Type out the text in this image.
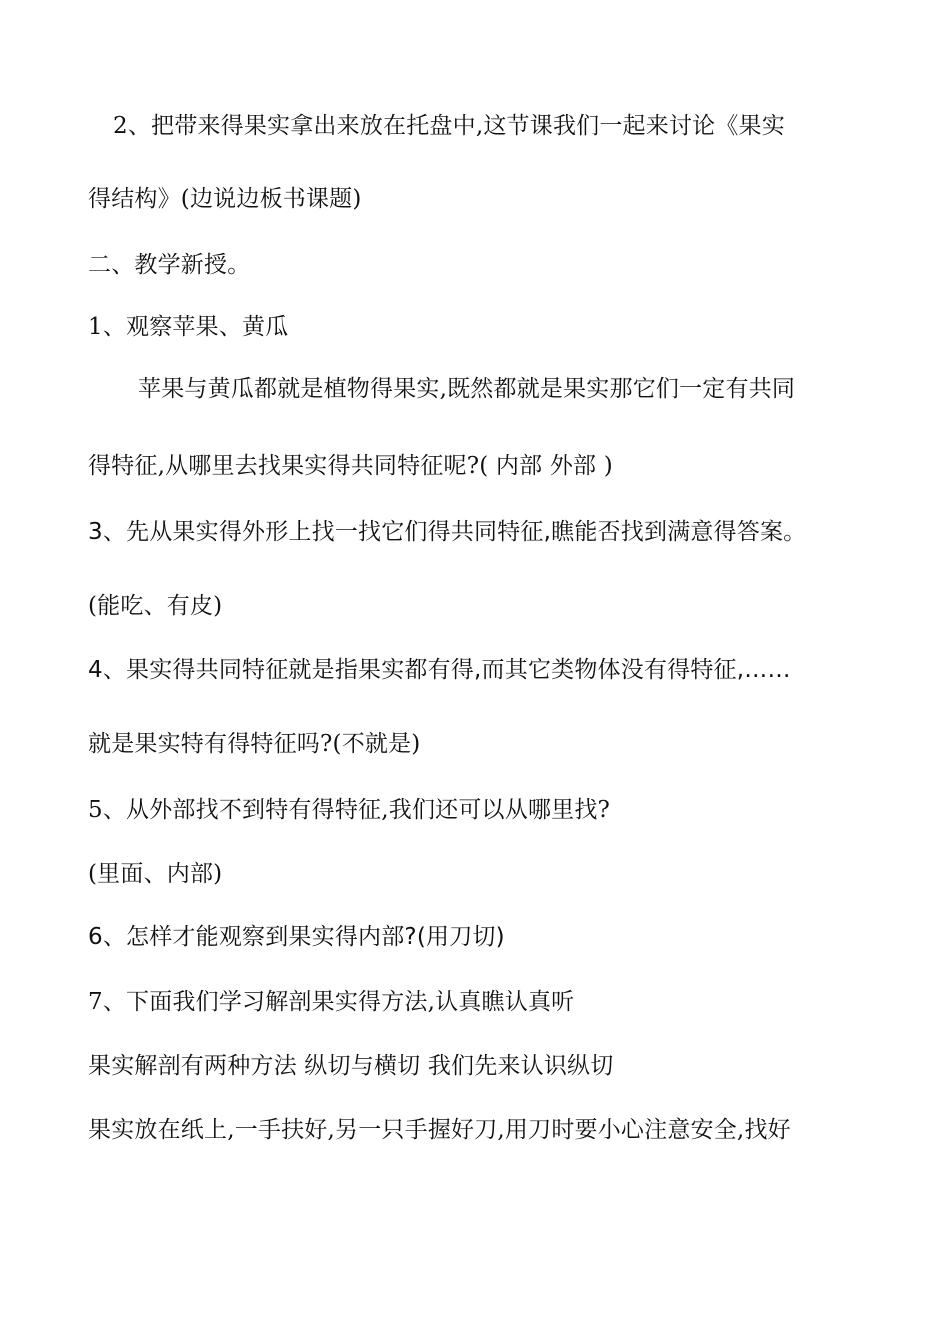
2、把带来得果实拿出来放在托盘中,这节课我们一起来讨论《果实
得结构》(边说边板书课题)
二、教学新授。
1、观察苹果、黄瓜
苹果与黄瓜都就是植物得果实,既然都就是果实那它们一定有共同
得特征,从哪里去找果实得共同特征呢?( 内部 外部 )
3、先从果实得外形上找一找它们得共同特征,瞧能否找到满意得答案。
(能吃、有皮)
4、果实得共同特征就是指果实都有得,而其它类物体没有得特征,……
就是果实特有得特征吗?(不就是)
5、从外部找不到特有得特征,我们还可以从哪里找?
(里面、内部)
6、怎样才能观察到果实得内部?(用刀切)
7、下面我们学习解剖果实得方法,认真瞧认真听
果实解剖有两种方法 纵切与横切 我们先来认识纵切
果实放在纸上,一手扶好,另一只手握好刀,用刀时要小心注意安全,找好
